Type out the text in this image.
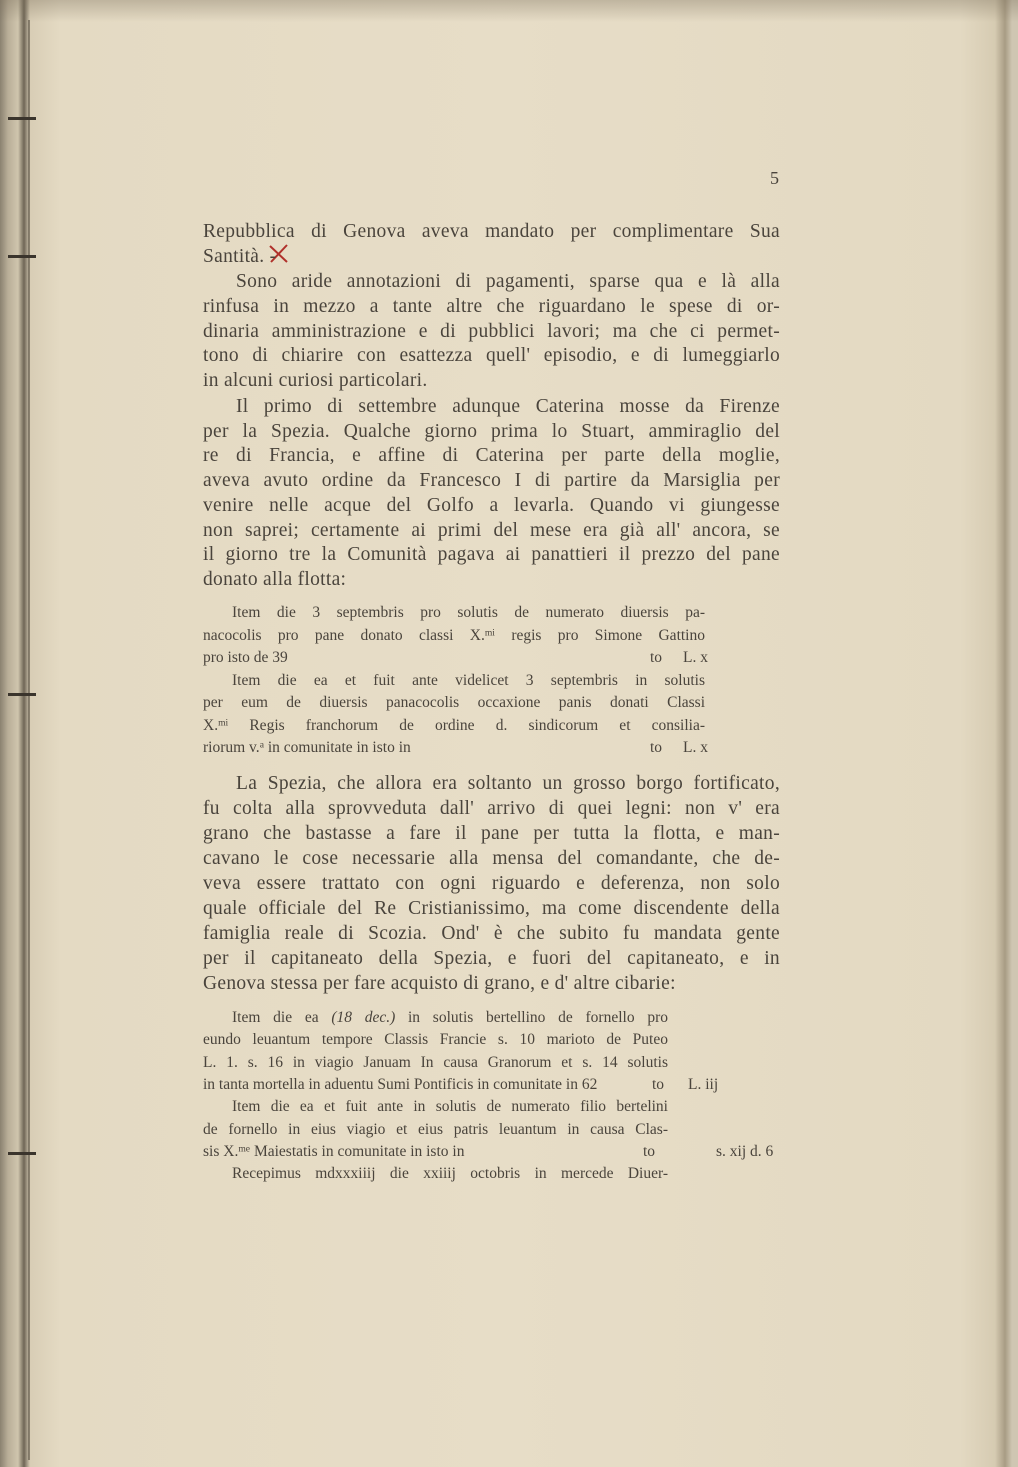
5
Repubblica di Genova aveva mandato per complimentare Sua
Santità. -
Sono aride annotazioni di pagamenti, sparse qua e là alla
rinfusa in mezzo a tante altre che riguardano le spese di or-
dinaria amministrazione e di pubblici lavori; ma che ci permet-
tono di chiarire con esattezza quell' episodio, e di lumeggiarlo
in alcuni curiosi particolari.
Il primo di settembre adunque Caterina mosse da Firenze
per la Spezia. Qualche giorno prima lo Stuart, ammiraglio del
re di Francia, e affine di Caterina per parte della moglie,
aveva avuto ordine da Francesco I di partire da Marsiglia per
venire nelle acque del Golfo a levarla. Quando vi giungesse
non saprei; certamente ai primi del mese era già all' ancora, se
il giorno tre la Comunità pagava ai panattieri il prezzo del pane
donato alla flotta:
La Spezia, che allora era soltanto un grosso borgo fortificato,
fu colta alla sprovveduta dall' arrivo di quei legni: non v' era
grano che bastasse a fare il pane per tutta la flotta, e man-
cavano le cose necessarie alla mensa del comandante, che de-
veva essere trattato con ogni riguardo e deferenza, non solo
quale officiale del Re Cristianissimo, ma come discendente della
famiglia reale di Scozia. Ond' è che subito fu mandata gente
per il capitaneato della Spezia, e fuori del capitaneato, e in
Genova stessa per fare acquisto di grano, e d' altre cibarie:
Item die 3 septembris pro solutis de numerato diuersis pa-
nacocolis pro pane donato classi X.$^{mi}$ regis pro Simone Gattino
pro isto de 39	to L. x
Item die ea et fuit ante videlicet 3 septembris in solutis
per eum de diuersis panacocolis occaxione panis donati Classi
X.$^{mi}$ Regis franchorum de ordine d. sindicorum et consilia-
riorum v.$^a$ in comunitate in isto in	to L. x
Item die ea (18 dec.) in solutis bertellino de fornello pro
eundo leuantum tempore Classis Francie s. 10 marioto de Puteo
L. 1. s. 16 in viagio Januam In causa Granorum et s. 14 solutis
in tanta mortella in aduentu Sumi Pontificis in comunitate in 62	to L. iij
Item die ea et fuit ante in solutis de numerato filio bertelini
de fornello in eius viagio et eius patris leuantum in causa Clas-
sis X.$^{me}$ Maiestatis in comunitate in isto in	to	s. xij d. 6
Recepimus mdxxxiiij die xxiiij octobris in mercede Diuer-
